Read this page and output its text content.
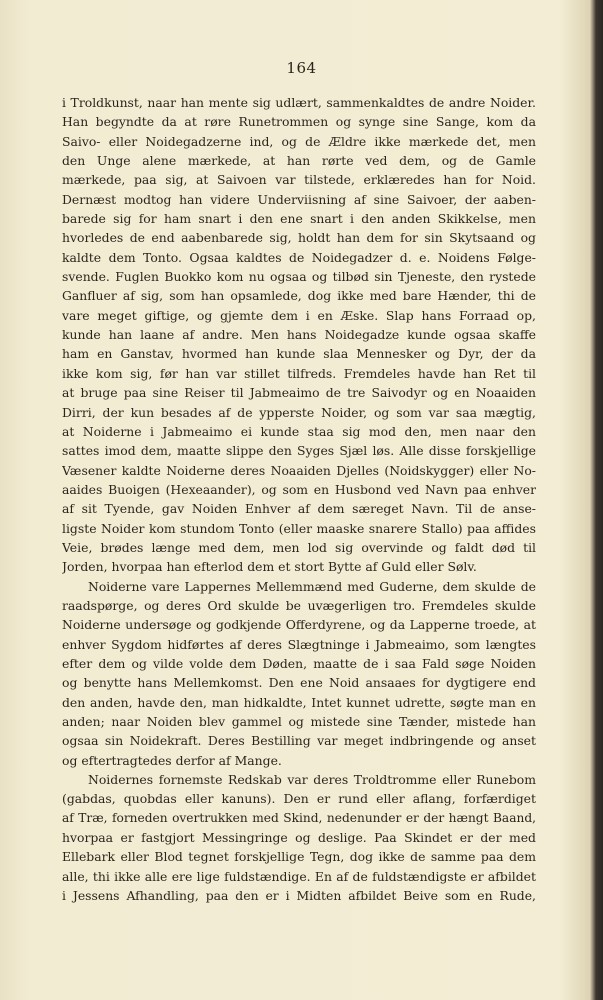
164
i Troldkunst, naar han mente sig udlært, sammenkaldtes de andre Noider.
Han begyndte da at røre Runetrommen og synge sine Sange, kom da
Saivo- eller Noidegadzerne ind, og de Ældre ikke mærkede det, men
den Unge alene mærkede, at han rørte ved dem, og de Gamle
mærkede, paa sig, at Saivoen var tilstede, erklæredes han for Noid.
Dernæst modtog han videre Underviisning af sine Saivoer, der aaben-
barede sig for ham snart i den ene snart i den anden Skikkelse, men
hvorledes de end aabenbarede sig, holdt han dem for sin Skytsaand og
kaldte dem Tonto. Ogsaa kaldtes de Noidegadzer d. e. Noidens Følge-
svende. Fuglen Buokko kom nu ogsaa og tilbød sin Tjeneste, den rystede
Ganfluer af sig, som han opsamlede, dog ikke med bare Hænder, thi de
vare meget giftige, og gjemte dem i en Æske. Slap hans Forraad op,
kunde han laane af andre. Men hans Noidegadze kunde ogsaa skaffe
ham en Ganstav, hvormed han kunde slaa Mennesker og Dyr, der da
ikke kom sig, før han var stillet tilfreds. Fremdeles havde han Ret til
at bruge paa sine Reiser til Jabmeaimo de tre Saivodyr og en Noaaiden
Dirri, der kun besades af de ypperste Noider, og som var saa mægtig,
at Noiderne i Jabmeaimo ei kunde staa sig mod den, men naar den
sattes imod dem, maatte slippe den Syges Sjæl løs. Alle disse forskjellige
Væsener kaldte Noiderne deres Noaaiden Djelles (Noidskygger) eller No-
aaides Buoigen (Hexeaander), og som en Husbond ved Navn paa enhver
af sit Tyende, gav Noiden Enhver af dem særeget Navn. Til de anse-
ligste Noider kom stundom Tonto (eller maaske snarere Stallo) paa affides
Veie, brødes længe med dem, men lod sig overvinde og faldt død til
Jorden, hvorpaa han efterlod dem et stort Bytte af Guld eller Sølv.
Noiderne vare Lappernes Mellemmænd med Guderne, dem skulde de
raadspørge, og deres Ord skulde be uvægerligen tro. Fremdeles skulde
Noiderne undersøge og godkjende Offerdyrene, og da Lapperne troede, at
enhver Sygdom hidførtes af deres Slægtninge i Jabmeaimo, som længtes
efter dem og vilde volde dem Døden, maatte de i saa Fald søge Noiden
og benytte hans Mellemkomst. Den ene Noid ansaaes for dygtigere end
den anden, havde den, man hidkaldte, Intet kunnet udrette, søgte man en
anden; naar Noiden blev gammel og mistede sine Tænder, mistede han
ogsaa sin Noidekraft. Deres Bestilling var meget indbringende og anset
og eftertragtedes derfor af Mange.
Noidernes fornemste Redskab var deres Troldtromme eller Runebom
(gabdas, quobdas eller kanuns). Den er rund eller aflang, forfærdiget
af Træ, forneden overtrukken med Skind, nedenunder er der hængt Baand,
hvorpaa er fastgjort Messingringe og deslige. Paa Skindet er der med
Ellebark eller Blod tegnet forskjellige Tegn, dog ikke de samme paa dem
alle, thi ikke alle ere lige fuldstændige. En af de fuldstændigste er afbildet
i Jessens Afhandling, paa den er i Midten afbildet Beive som en Rude,
